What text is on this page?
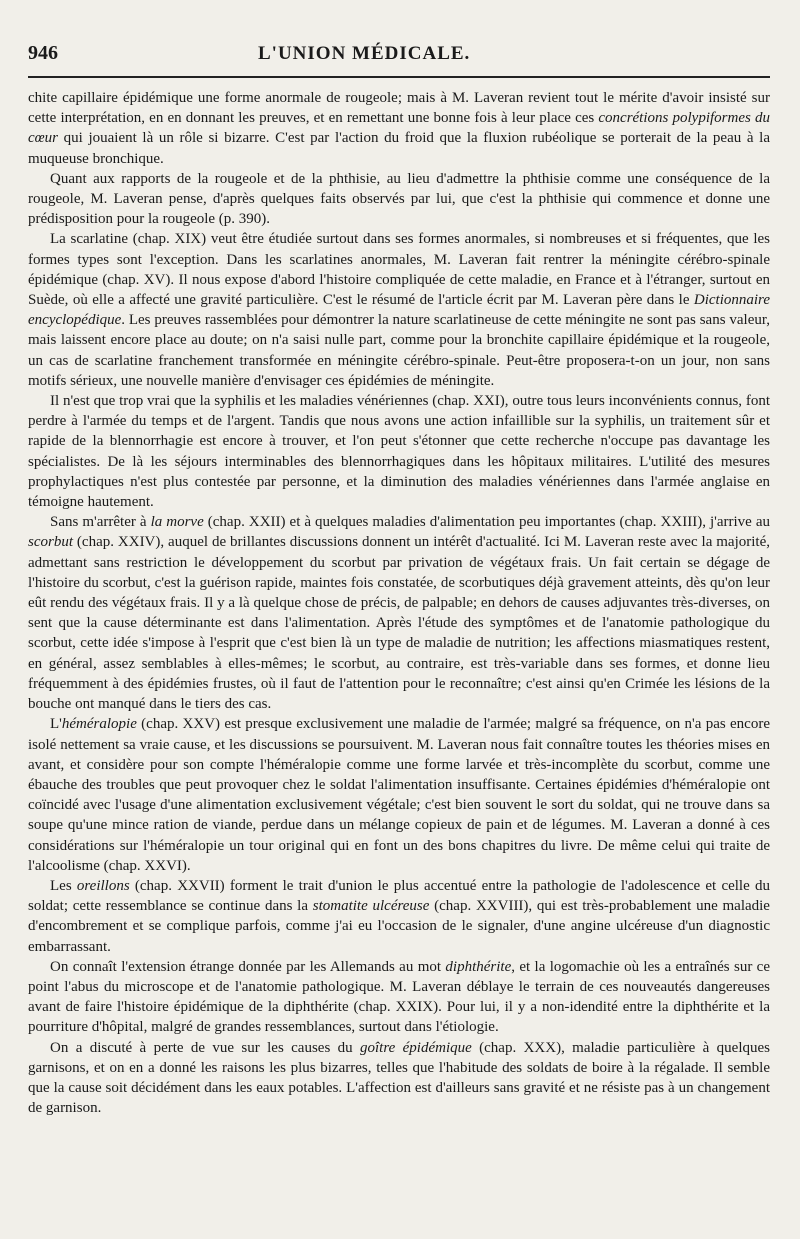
946	L'UNION MÉDICALE.

chite capillaire épidémique une forme anormale de rougeole; mais à M. Laveran revient tout le mérite d'avoir insisté sur cette interprétation, en en donnant les preuves, et en remettant une bonne fois à leur place ces concrétions polypiformes du cœur qui jouaient là un rôle si bizarre. C'est par l'action du froid que la fluxion rubéolique se porterait de la peau à la muqueuse bronchique.

Quant aux rapports de la rougeole et de la phthisie, au lieu d'admettre la phthisie comme une conséquence de la rougeole, M. Laveran pense, d'après quelques faits observés par lui, que c'est la phthisie qui commence et donne une prédisposition pour la rougeole (p. 390).

La scarlatine (chap. XIX) veut être étudiée surtout dans ses formes anormales, si nombreuses et si fréquentes, que les formes types sont l'exception. Dans les scarlatines anormales, M. Laveran fait rentrer la méningite cérébro-spinale épidémique (chap. XV). Il nous expose d'abord l'histoire compliquée de cette maladie, en France et à l'étranger, surtout en Suède, où elle a affecté une gravité particulière. C'est le résumé de l'article écrit par M. Laveran père dans le Dictionnaire encyclopédique. Les preuves rassemblées pour démontrer la nature scarlatineuse de cette méningite ne sont pas sans valeur, mais laissent encore place au doute; on n'a saisi nulle part, comme pour la bronchite capillaire épidémique et la rougeole, un cas de scarlatine franchement transformée en méningite cérébro-spinale. Peut-être proposera-t-on un jour, non sans motifs sérieux, une nouvelle manière d'envisager ces épidémies de méningite.

Il n'est que trop vrai que la syphilis et les maladies vénériennes (chap. XXI), outre tous leurs inconvénients connus, font perdre à l'armée du temps et de l'argent. Tandis que nous avons une action infaillible sur la syphilis, un traitement sûr et rapide de la blennorrhagie est encore à trouver, et l'on peut s'étonner que cette recherche n'occupe pas davantage les spécialistes. De là les séjours interminables des blennorrhagiques dans les hôpitaux militaires. L'utilité des mesures prophylactiques n'est plus contestée par personne, et la diminution des maladies vénériennes dans l'armée anglaise en témoigne hautement.

Sans m'arrêter à la morve (chap. XXII) et à quelques maladies d'alimentation peu importantes (chap. XXIII), j'arrive au scorbut (chap. XXIV), auquel de brillantes discussions donnent un intérêt d'actualité. Ici M. Laveran reste avec la majorité, admettant sans restriction le développement du scorbut par privation de végétaux frais. Un fait certain se dégage de l'histoire du scorbut, c'est la guérison rapide, maintes fois constatée, de scorbutiques déjà gravement atteints, dès qu'on leur eût rendu des végétaux frais. Il y a là quelque chose de précis, de palpable; en dehors de causes adjuvantes très-diverses, on sent que la cause déterminante est dans l'alimentation. Après l'étude des symptômes et de l'anatomie pathologique du scorbut, cette idée s'impose à l'esprit que c'est bien là un type de maladie de nutrition; les affections miasmatiques restent, en général, assez semblables à elles-mêmes; le scorbut, au contraire, est très-variable dans ses formes, et donne lieu fréquemment à des épidémies frustes, où il faut de l'attention pour le reconnaître; c'est ainsi qu'en Crimée les lésions de la bouche ont manqué dans le tiers des cas.

L'héméralopie (chap. XXV) est presque exclusivement une maladie de l'armée; malgré sa fréquence, on n'a pas encore isolé nettement sa vraie cause, et les discussions se poursuivent. M. Laveran nous fait connaître toutes les théories mises en avant, et considère pour son compte l'héméralopie comme une forme larvée et très-incomplète du scorbut, comme une ébauche des troubles que peut provoquer chez le soldat l'alimentation insuffisante. Certaines épidémies d'héméralopie ont coïncidé avec l'usage d'une alimentation exclusivement végétale; c'est bien souvent le sort du soldat, qui ne trouve dans sa soupe qu'une mince ration de viande, perdue dans un mélange copieux de pain et de légumes. M. Laveran a donné à ces considérations sur l'héméralopie un tour original qui en font un des bons chapitres du livre. De même celui qui traite de l'alcoolisme (chap. XXVI).

Les oreillons (chap. XXVII) forment le trait d'union le plus accentué entre la pathologie de l'adolescence et celle du soldat; cette ressemblance se continue dans la stomatite ulcéreuse (chap. XXVIII), qui est très-probablement une maladie d'encombrement et se complique parfois, comme j'ai eu l'occasion de le signaler, d'une angine ulcéreuse d'un diagnostic embarrassant.

On connaît l'extension étrange donnée par les Allemands au mot diphthérite, et la logomachie où les a entraînés sur ce point l'abus du microscope et de l'anatomie pathologique. M. Laveran déblaye le terrain de ces nouveautés dangereuses avant de faire l'histoire épidémique de la diphthérite (chap. XXIX). Pour lui, il y a non-idendité entre la diphthérite et la pourriture d'hôpital, malgré de grandes ressemblances, surtout dans l'étiologie.

On a discuté à perte de vue sur les causes du goître épidémique (chap. XXX), maladie particulière à quelques garnisons, et on en a donné les raisons les plus bizarres, telles que l'habitude des soldats de boire à la régalade. Il semble que la cause soit décidément dans les eaux potables. L'affection est d'ailleurs sans gravité et ne résiste pas à un changement de garnison.
